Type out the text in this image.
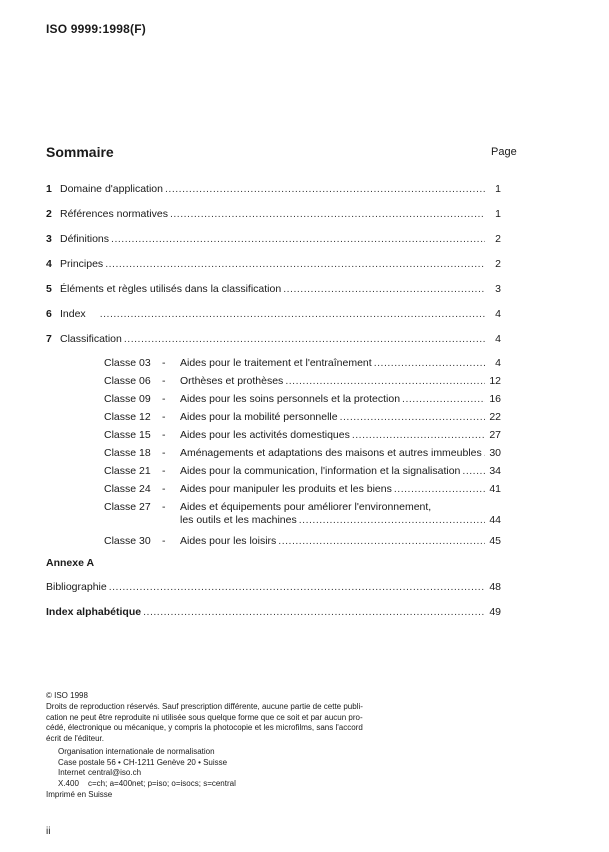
ISO 9999:1998(F)
Sommaire	Page
1 Domaine d'application .....	1
2 Références normatives .....	1
3 Définitions .....	2
4 Principes .....	2
5 Éléments et règles utilisés dans la classification .....	3
6 Index .....	4
7 Classification .....	4
Classe 03	-	Aides pour le traitement et l'entraînement .....	4
Classe 06	-	Orthèses et prothèses .....	12
Classe 09	-	Aides pour les soins personnels et la protection .....	16
Classe 12	-	Aides pour la mobilité personnelle .....	22
Classe 15	-	Aides pour les activités domestiques .....	27
Classe 18	-	Aménagements et adaptations des maisons et autres immeubles ..... 30
Classe 21	-	Aides pour la communication, l'information et la signalisation .....	34
Classe 24	-	Aides pour manipuler les produits et les biens .....	41
Classe 27	-	Aides et équipements pour améliorer l'environnement,
les outils et les machines .....	44
Classe 30	-	Aides pour les loisirs .....	45
Annexe A
Bibliographie .....	48
Index alphabétique .....	49
© ISO 1998
Droits de reproduction réservés. Sauf prescription différente, aucune partie de cette publi-
cation ne peut être reproduite ni utilisée sous quelque forme que ce soit et par aucun pro-
cédé, électronique ou mécanique, y compris la photocopie et les microfilms, sans l'accord
écrit de l'éditeur.
Organisation internationale de normalisation
Case postale 56 • CH-1211 Genève 20 • Suisse
Internet central@iso.ch
X.400	c=ch; a=400net; p=iso; o=isocs; s=central
Imprimé en Suisse
ii
